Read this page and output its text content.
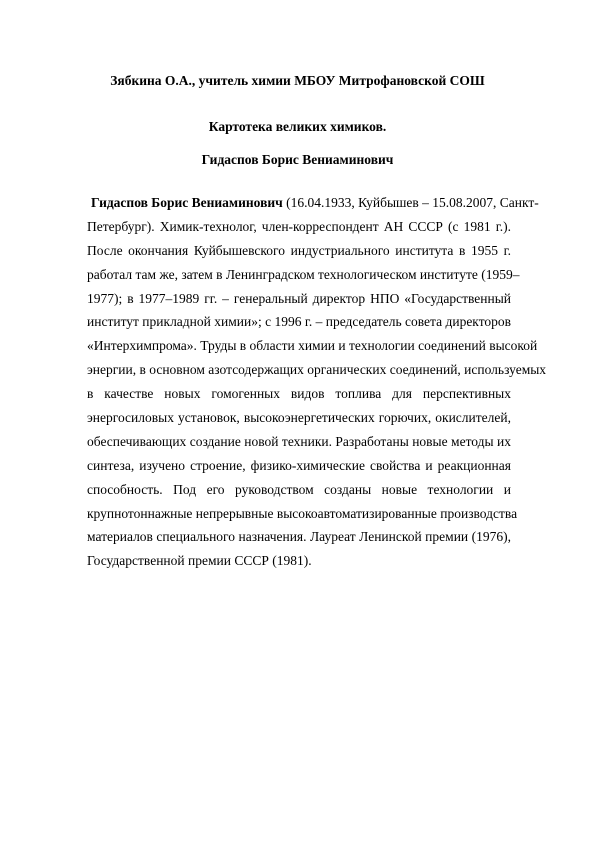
Зябкина О.А., учитель химии МБОУ Митрофановской СОШ
Картотека великих химиков.
Гидаспов Борис Вениаминович
Гидаспов Борис Вениаминович (16.04.1933, Куйбышев – 15.08.2007, Санкт-
Петербург). Химик-технолог, член-корреспондент АН СССР (с 1981 г.).
После окончания Куйбышевского индустриального института в 1955 г.
работал там же, затем в Ленинградском технологическом институте (1959–
1977); в 1977–1989 гг. – генеральный директор НПО «Государственный
институт прикладной химии»; с 1996 г. – председатель совета директоров
«Интерхимпрома». Труды в области химии и технологии соединений высокой
энергии, в основном азотсодержащих органических соединений, используемых
в качестве новых гомогенных видов топлива для перспективных
энергосиловых установок, высокоэнергетических горючих, окислителей,
обеспечивающих создание новой техники. Разработаны новые методы их
синтеза, изучено строение, физико-химические свойства и реакционная
способность. Под его руководством созданы новые технологии и
крупнотоннажные непрерывные высокоавтоматизированные производства
материалов специального назначения. Лауреат Ленинской премии (1976),
Государственной премии СССР (1981).
